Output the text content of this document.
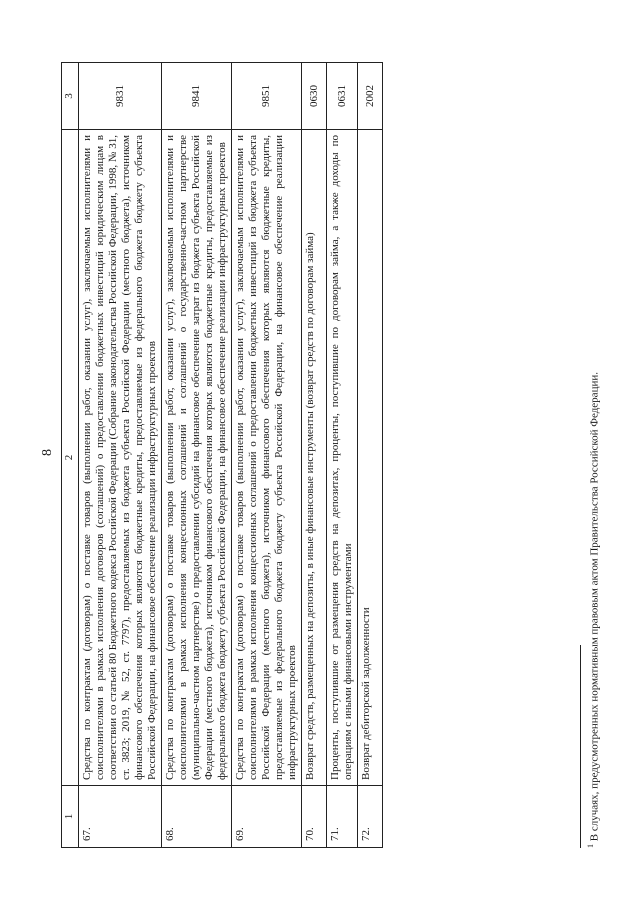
8
1	2	3
67.	Средства по контрактам (договорам) о поставке товаров (выполнении работ, оказании услуг), заключаемым исполнителями и соисполнителями в рамках исполнения договоров (соглашений) о предоставлении бюджетных инвестиций юридическим лицам в соответствии со статьей 80 Бюджетного кодекса Российской Федерации (Собрание законодательства Российской Федерации, 1998, № 31, ст. 3823; 2019, № 52, ст. 7797), предоставляемых из бюджета субъекта Российской Федерации (местного бюджета), источником финансового обеспечения которых являются бюджетные кредиты, предоставляемые из федерального бюджета бюджету субъекта Российской Федерации, на финансовое обеспечение реализации инфраструктурных проектов	9831
68.	Средства по контрактам (договорам) о поставке товаров (выполнении работ, оказании услуг), заключаемым исполнителями и соисполнителями в рамках исполнения концессионных соглашений и соглашений о государственно-частном партнерстве (муниципально-частном партнерстве) о предоставлении субсидий на финансовое обеспечение затрат из бюджета субъекта Российской Федерации (местного бюджета), источником финансового обеспечения которых являются бюджетные кредиты, предоставляемые из федерального бюджета бюджету субъекта Российской Федерации, на финансовое обеспечение реализации инфраструктурных проектов	9841
69.	Средства по контрактам (договорам) о поставке товаров (выполнении работ, оказании услуг), заключаемым исполнителями и соисполнителями в рамках исполнения концессионных соглашений о предоставлении бюджетных инвестиций из бюджета субъекта Российской Федерации (местного бюджета), источником финансового обеспечения которых являются бюджетные кредиты, предоставляемые из федерального бюджета бюджету субъекта Российской Федерации, на финансовое обеспечение реализации инфраструктурных проектов	9851
70.	Возврат средств, размещенных на депозиты, в иные финансовые инструменты (возврат средств по договорам займа)	0630
71.	Проценты, поступившие от размещения средств на депозитах, проценты, поступившие по договорам займа, а также доходы по операциям с иными финансовыми инструментами	0631
72.	Возврат дебиторской задолженности	2002
$^1$ В случаях, предусмотренных нормативным правовым актом Правительства Российской Федерации.
